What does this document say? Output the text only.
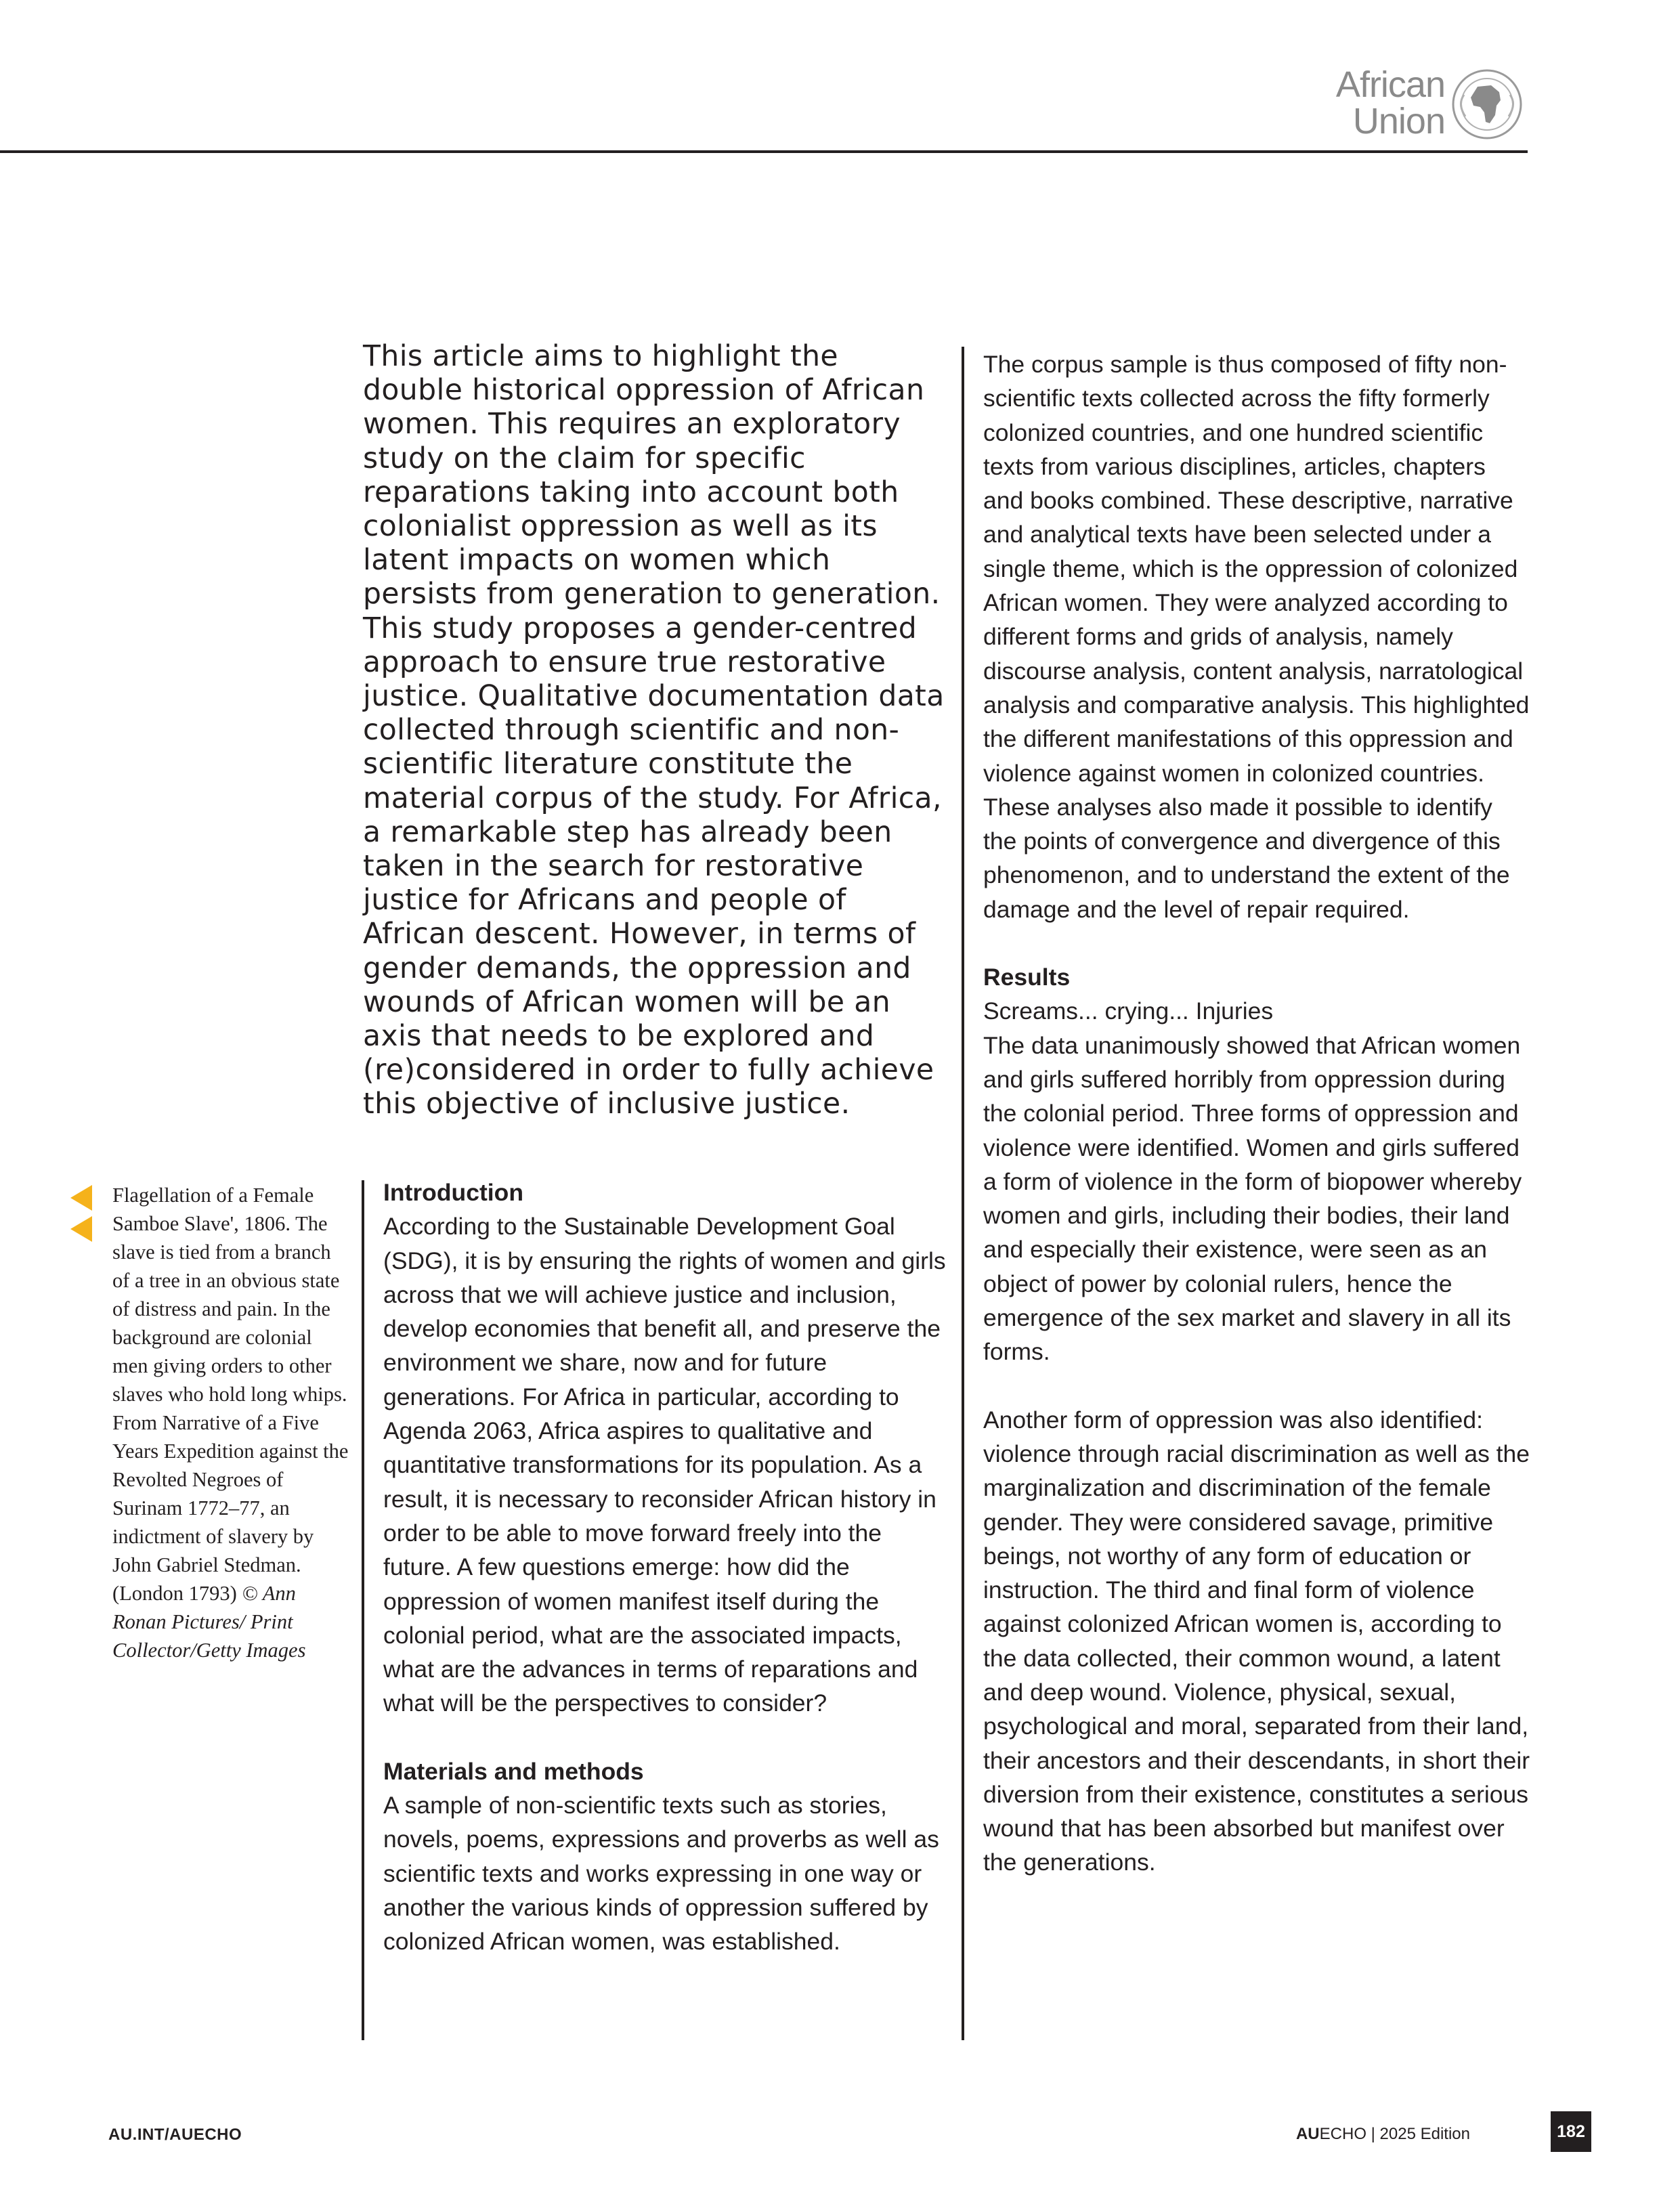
African
Union
This article aims to highlight the double historical oppression of African women. This requires an exploratory study on the claim for specific reparations taking into account both colonialist oppression as well as its latent impacts on women which persists from generation to generation. This study proposes a gender-centred approach to ensure true restorative justice. Qualitative documentation data collected through scientific and non-scientific literature constitute the material corpus of the study. For Africa, a remarkable step has already been taken in the search for restorative justice for Africans and people of African descent. However, in terms of gender demands, the oppression and wounds of African women will be an axis that needs to be explored and (re)considered in order to fully achieve this objective of inclusive justice.
Flagellation of a Female Samboe Slave', 1806. The slave is tied from a branch of a tree in an obvious state of distress and pain. In the background are colonial men giving orders to other slaves who hold long whips. From Narrative of a Five Years Expedition against the Revolted Negroes of Surinam 1772–77, an indictment of slavery by John Gabriel Stedman. (London 1793) © Ann Ronan Pictures/ Print Collector/Getty Images
Introduction

According to the Sustainable Development Goal (SDG), it is by ensuring the rights of women and girls across that we will achieve justice and inclusion, develop economies that benefit all, and preserve the environment we share, now and for future generations. For Africa in particular, according to Agenda 2063, Africa aspires to qualitative and quantitative transformations for its population. As a result, it is necessary to reconsider African history in order to be able to move forward freely into the future. A few questions emerge: how did the oppression of women manifest itself during the colonial period, what are the associated impacts, what are the advances in terms of reparations and what will be the perspectives to consider?

Materials and methods

A sample of non-scientific texts such as stories, novels, poems, expressions and proverbs as well as scientific texts and works expressing in one way or another the various kinds of oppression suffered by colonized African women, was established.

The corpus sample is thus composed of fifty non-scientific texts collected across the fifty formerly colonized countries, and one hundred scientific texts from various disciplines, articles, chapters and books combined. These descriptive, narrative and analytical texts have been selected under a single theme, which is the oppression of colonized African women. They were analyzed according to different forms and grids of analysis, namely discourse analysis, content analysis, narratological analysis and comparative analysis. This highlighted the different manifestations of this oppression and violence against women in colonized countries. These analyses also made it possible to identify the points of convergence and divergence of this phenomenon, and to understand the extent of the damage and the level of repair required.

Results

Screams... crying... Injuries

The data unanimously showed that African women and girls suffered horribly from oppression during the colonial period. Three forms of oppression and violence were identified. Women and girls suffered a form of violence in the form of biopower whereby women and girls, including their bodies, their land and especially their existence, were seen as an object of power by colonial rulers, hence the emergence of the sex market and slavery in all its forms.

Another form of oppression was also identified: violence through racial discrimination as well as the marginalization and discrimination of the female gender. They were considered savage, primitive beings, not worthy of any form of education or instruction. The third and final form of violence against colonized African women is, according to the data collected, their common wound, a latent and deep wound. Violence, physical, sexual, psychological and moral, separated from their land, their ancestors and their descendants, in short their diversion from their existence, constitutes a serious wound that has been absorbed but manifest over the generations.

AU.INT/AUECHO	AUECHO | 2025 Edition	182
